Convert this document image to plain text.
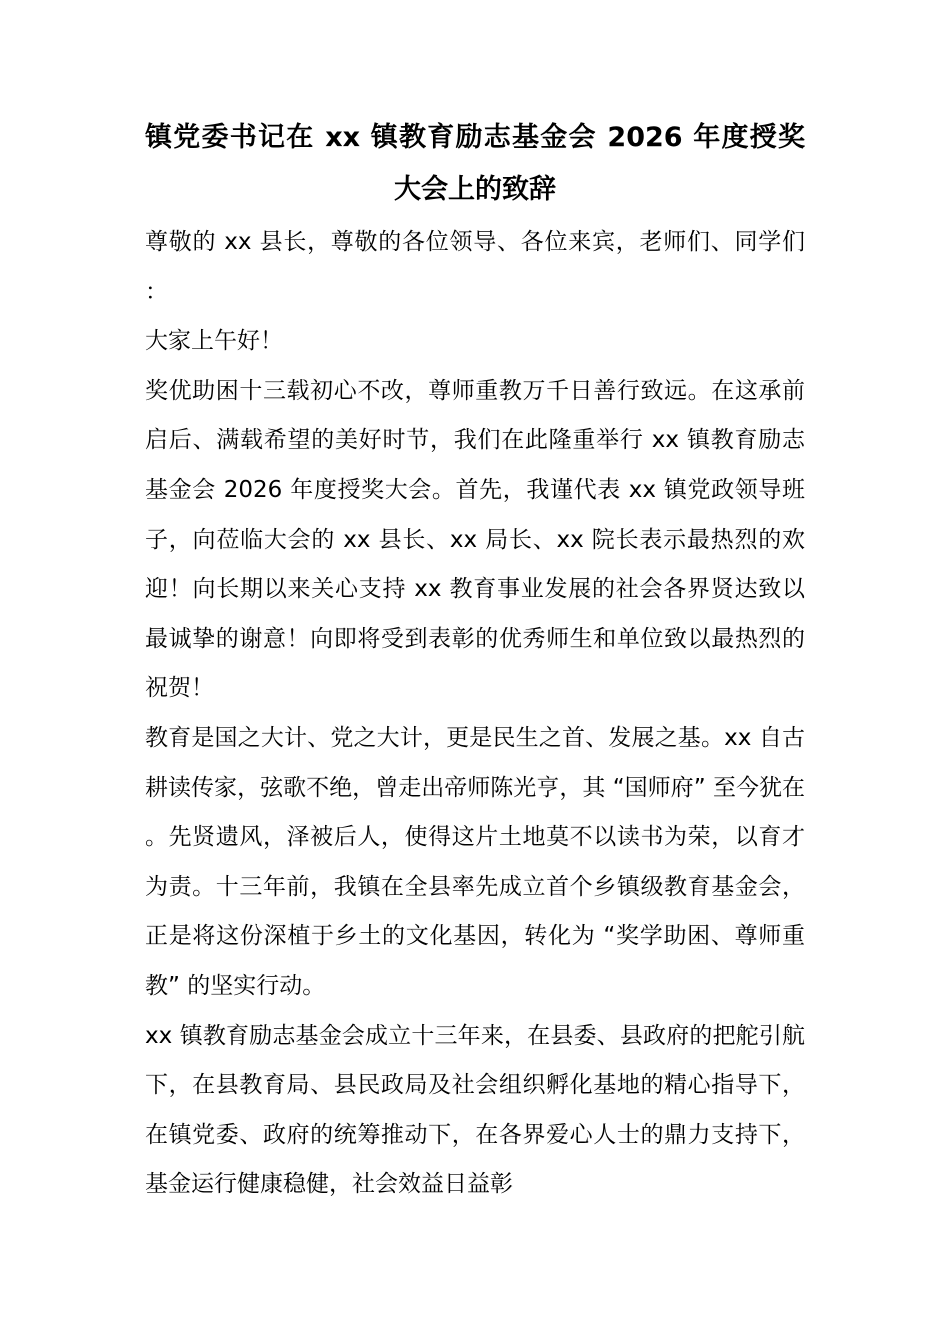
镇党委书记在 xx 镇教育励志基金会 2026 年度授奖大会上的致辞

尊敬的 xx 县长，尊敬的各位领导、各位来宾，老师们、同学们：

大家上午好！

奖优助困十三载初心不改，尊师重教万千日善行致远。在这承前启后、满载希望的美好时节，我们在此隆重举行 xx 镇教育励志基金会 2026 年度授奖大会。首先，我谨代表 xx 镇党政领导班子，向莅临大会的 xx 县长、xx 局长、xx 院长表示最热烈的欢迎！向长期以来关心支持 xx 教育事业发展的社会各界贤达致以最诚挚的谢意！向即将受到表彰的优秀师生和单位致以最热烈的祝贺！

教育是国之大计、党之大计，更是民生之首、发展之基。xx 自古耕读传家，弦歌不绝，曾走出帝师陈光亨，其 “国师府” 至今犹在。先贤遗风，泽被后人，使得这片土地莫不以读书为荣，以育才为责。十三年前，我镇在全县率先成立首个乡镇级教育基金会，正是将这份深植于乡土的文化基因，转化为 “奖学助困、尊师重教” 的坚实行动。

xx 镇教育励志基金会成立十三年来，在县委、县政府的把舵引航下，在县教育局、县民政局及社会组织孵化基地的精心指导下，在镇党委、政府的统筹推动下，在各界爱心人士的鼎力支持下，基金运行健康稳健，社会效益日益彰
